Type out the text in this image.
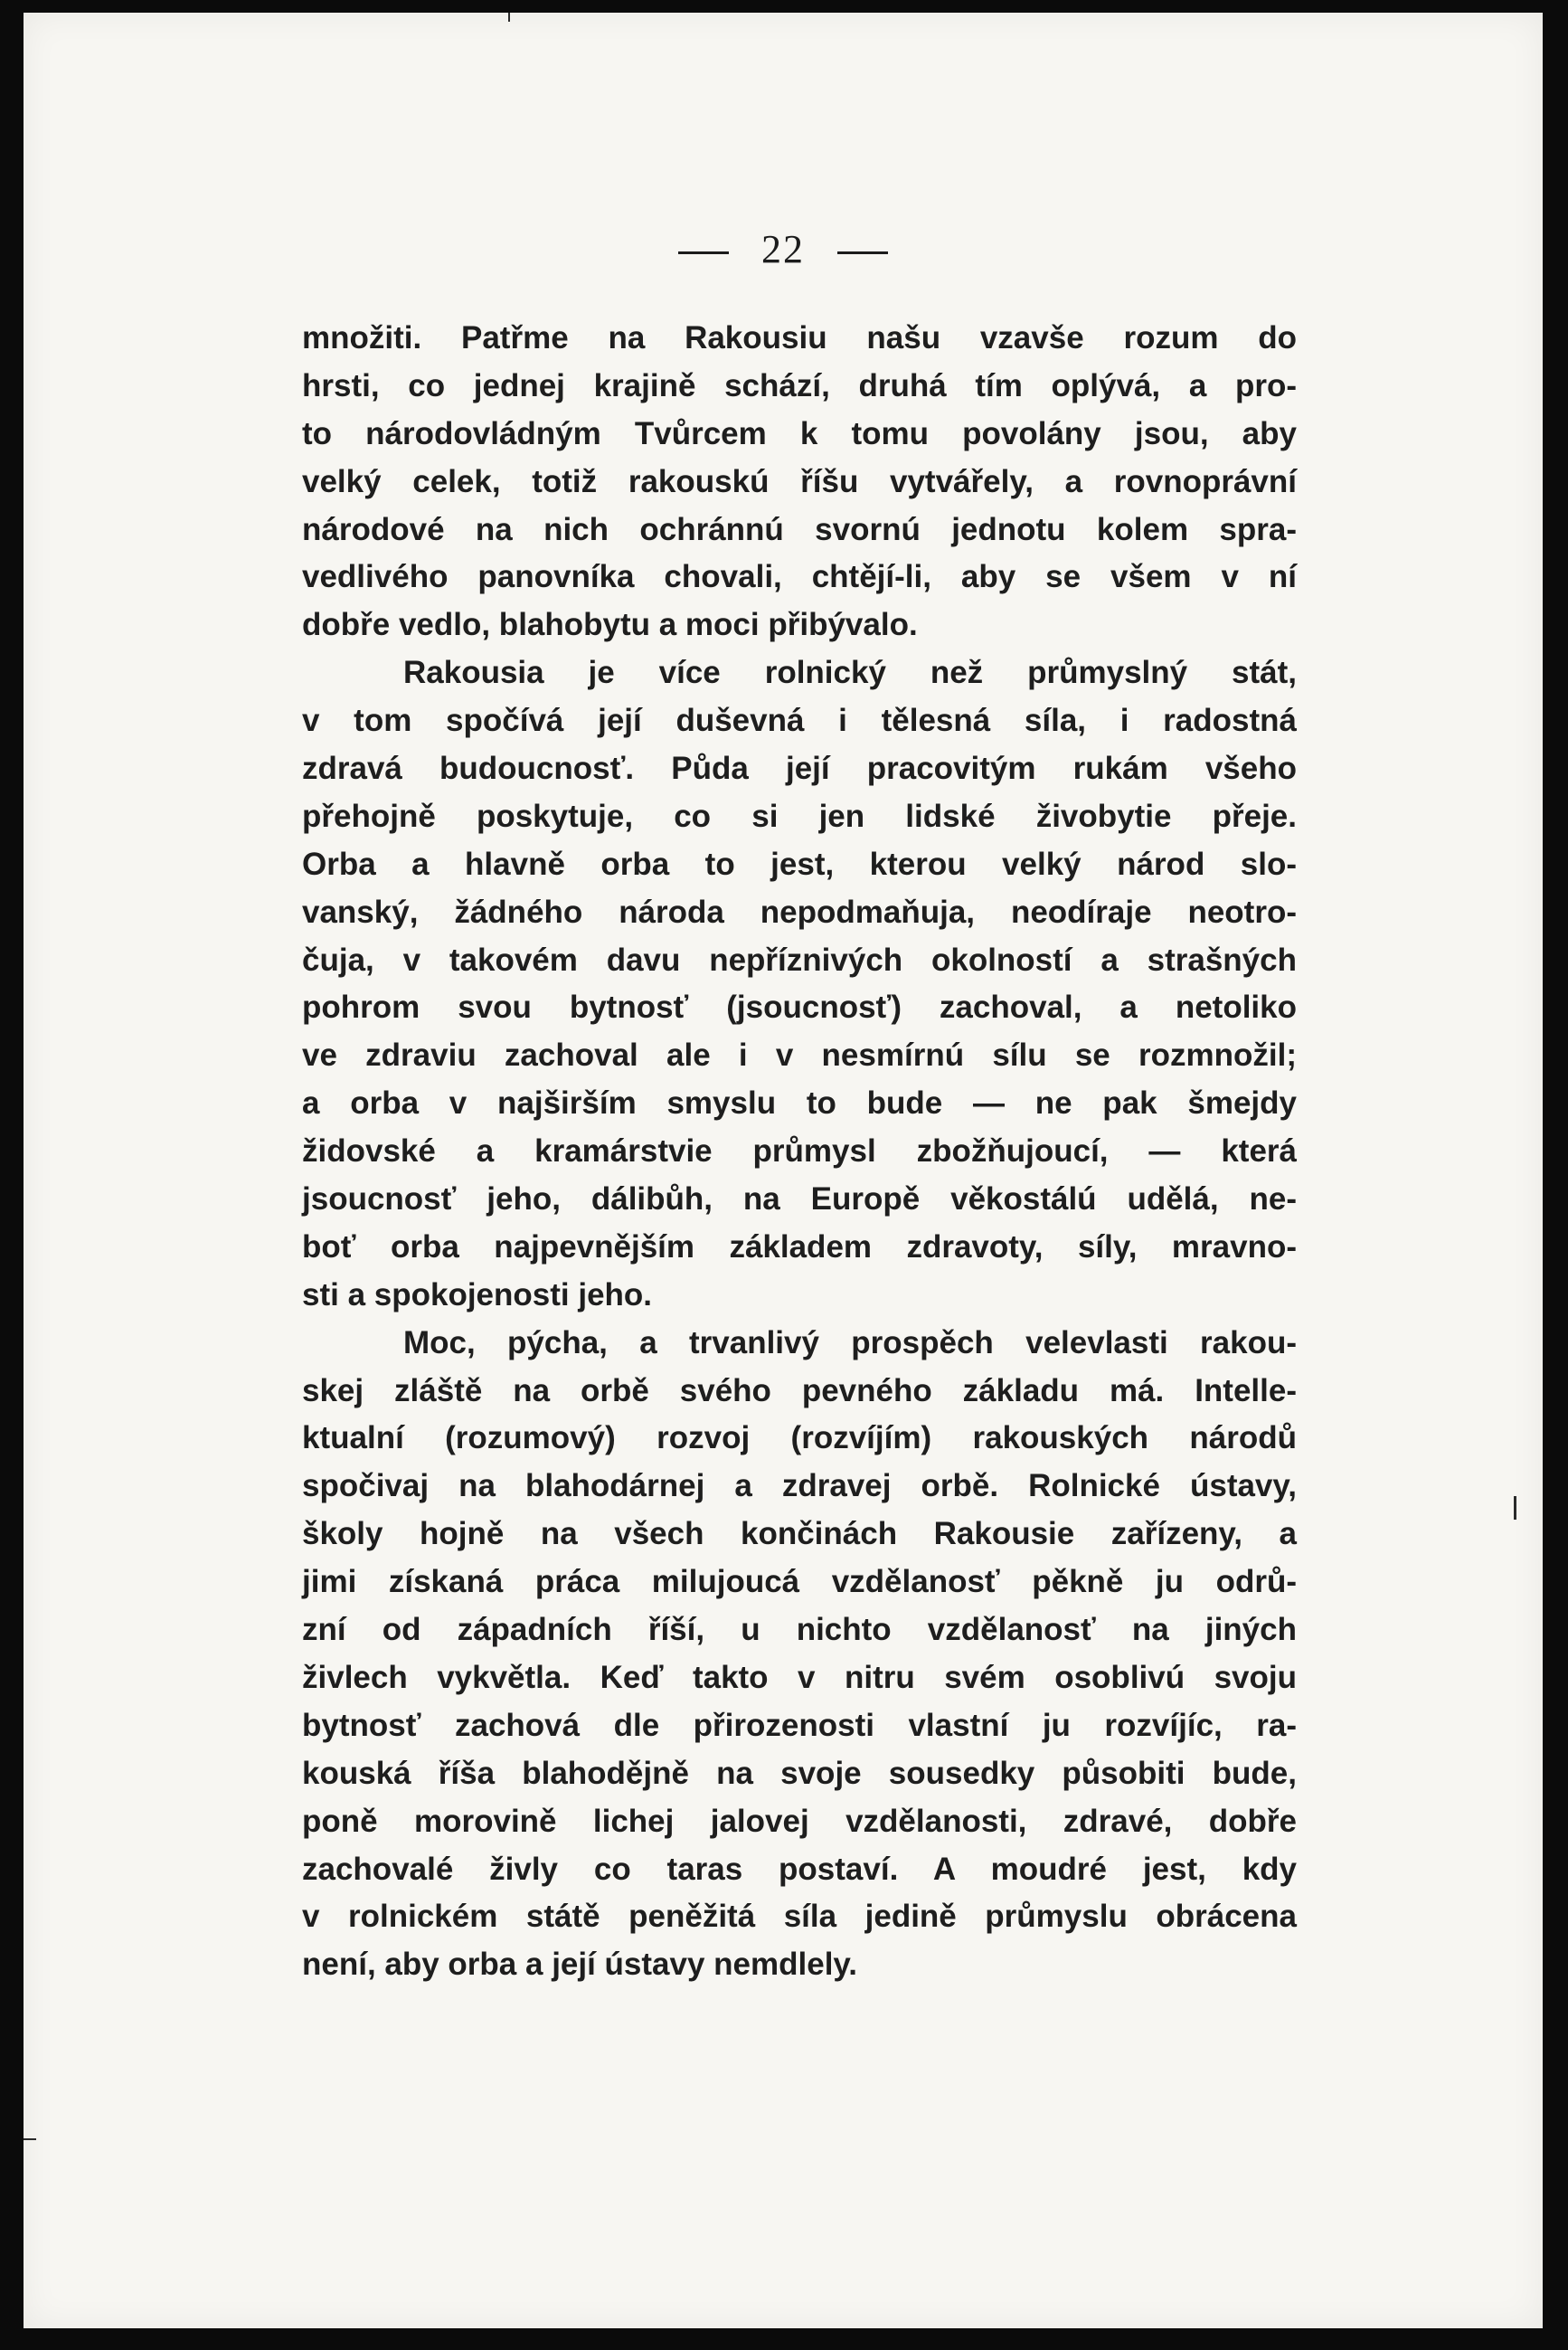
22
množiti. Patřme na Rakousiu našu vzavše rozum do
hrsti, co jednej krajině schází, druhá tím oplývá, a pro-
to národovládným Tvůrcem k tomu povolány jsou, aby
velký celek, totiž rakouskú říšu vytvářely, a rovnoprávní
národové na nich ochránnú svornú jednotu kolem spra-
vedlivého panovníka chovali, chtějí-li, aby se všem v ní
dobře vedlo, blahobytu a moci přibývalo.
Rakousia je více rolnický než průmyslný stát,
v tom spočívá její duševná i tělesná síla, i radostná
zdravá budoucnosť. Půda její pracovitým rukám všeho
přehojně poskytuje, co si jen lidské živobytie přeje.
Orba a hlavně orba to jest, kterou velký národ slo-
vanský, žádného národa nepodmaňuja, neodíraje neotro-
čuja, v takovém davu nepříznivých okolností a strašných
pohrom svou bytnosť (jsoucnosť) zachoval, a netoliko
ve zdraviu zachoval ale i v nesmírnú sílu se rozmnožil;
a orba v najširším smyslu to bude — ne pak šmejdy
židovské a kramárstvie průmysl zbožňujoucí, — která
jsoucnosť jeho, dálibůh, na Europě věkostálú udělá, ne-
boť orba najpevnějším základem zdravoty, síly, mravno-
sti a spokojenosti jeho.
Moc, pýcha, a trvanlivý prospěch velevlasti rakou-
skej zláště na orbě svého pevného základu má. Intelle-
ktualní (rozumový) rozvoj (rozvíjím) rakouských národů
spočivaj na blahodárnej a zdravej orbě. Rolnické ústavy,
školy hojně na všech končinách Rakousie zařízeny, a
jimi získaná práca milujoucá vzdělanosť pěkně ju odrů-
zní od západních říší, u nichto vzdělanosť na jiných
živlech vykvětla. Keď takto v nitru svém osoblivú svoju
bytnosť zachová dle přirozenosti vlastní ju rozvíjíc, ra-
kouská říša blahodějně na svoje sousedky působiti bude,
poně morovině lichej jalovej vzdělanosti, zdravé, dobře
zachovalé živly co taras postaví. A moudré jest, kdy
v rolnickém státě peněžitá síla jedině průmyslu obrácena
není, aby orba a její ústavy nemdlely.
